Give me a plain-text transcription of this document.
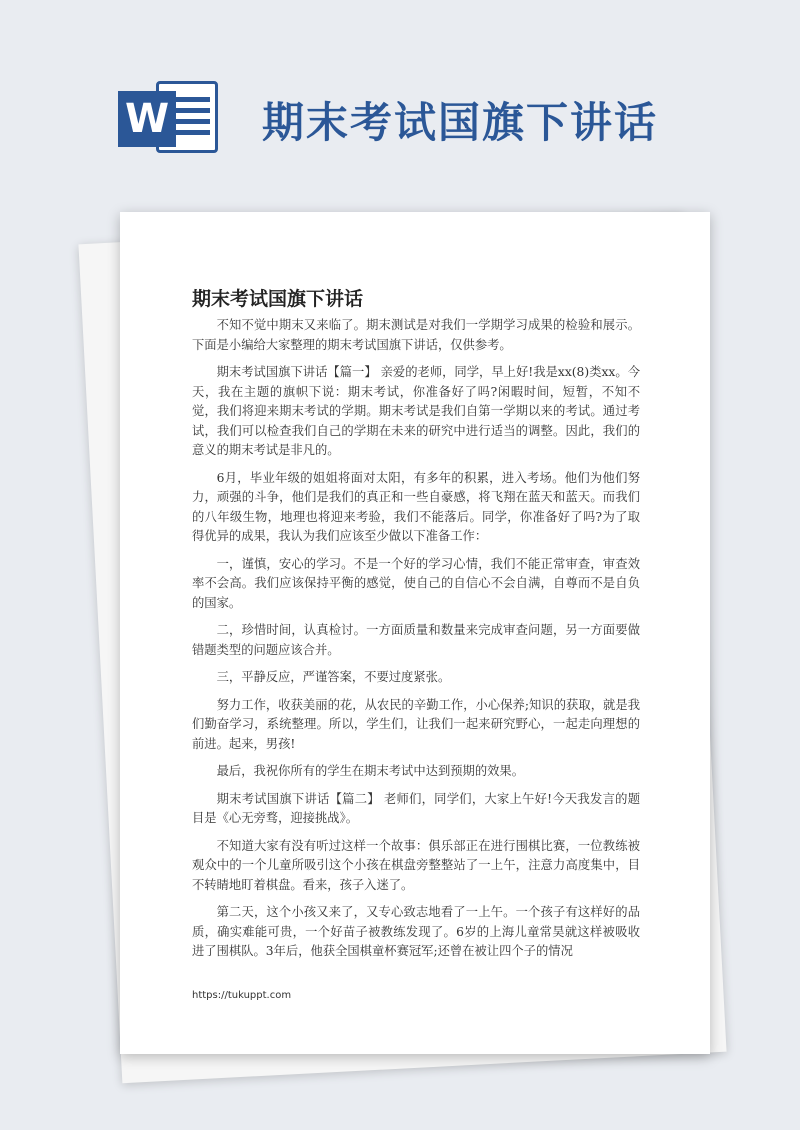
W 期末考试国旗下讲话
期末考试国旗下讲话

不知不觉中期末又来临了。期末测试是对我们一学期学习成果的检验和展示。下面是小编给大家整理的期末考试国旗下讲话，仅供参考。

期末考试国旗下讲话【篇一】 亲爱的老师，同学，早上好!我是xx(8)类xx。今天，我在主题的旗帜下说：期末考试，你准备好了吗?闲暇时间，短暂，不知不觉，我们将迎来期末考试的学期。期末考试是我们自第一学期以来的考试。通过考试，我们可以检查我们自己的学期在未来的研究中进行适当的调整。因此，我们的意义的期末考试是非凡的。

6月，毕业年级的姐姐将面对太阳，有多年的积累，进入考场。他们为他们努力，顽强的斗争，他们是我们的真正和一些自豪感，将飞翔在蓝天和蓝天。而我们的八年级生物，地理也将迎来考验，我们不能落后。同学，你准备好了吗?为了取得优异的成果，我认为我们应该至少做以下准备工作：

一，谨慎，安心的学习。不是一个好的学习心情，我们不能正常审查，审查效率不会高。我们应该保持平衡的感觉，使自己的自信心不会自满，自尊而不是自负的国家。

二，珍惜时间，认真检讨。一方面质量和数量来完成审查问题，另一方面要做错题类型的问题应该合并。

三，平静反应，严谨答案，不要过度紧张。

努力工作，收获美丽的花，从农民的辛勤工作，小心保养;知识的获取，就是我们勤奋学习，系统整理。所以，学生们，让我们一起来研究野心，一起走向理想的前进。起来，男孩!

最后，我祝你所有的学生在期末考试中达到预期的效果。

期末考试国旗下讲话【篇二】 老师们，同学们，大家上午好!今天我发言的题目是《心无旁骛，迎接挑战》。

不知道大家有没有听过这样一个故事：俱乐部正在进行围棋比赛，一位教练被观众中的一个儿童所吸引这个小孩在棋盘旁整整站了一上午，注意力高度集中，目不转睛地盯着棋盘。看来，孩子入迷了。

第二天，这个小孩又来了，又专心致志地看了一上午。一个孩子有这样好的品质，确实难能可贵，一个好苗子被教练发现了。6岁的上海儿童常昊就这样被吸收进了围棋队。3年后，他获全国棋童杯赛冠军;还曾在被让四个子的情况

https://tukuppt.com
